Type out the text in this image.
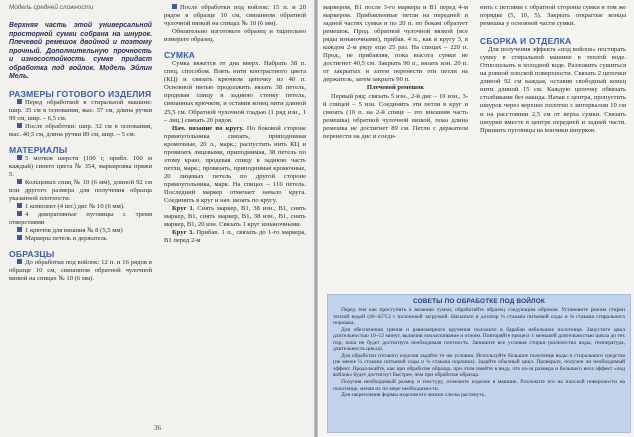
Модель средней сложности
Верхняя часть этой универсальной просторной сумки собрана на шнурок. Плечевой ремешок двойной и поэтому прочный. Дополнительную прочность и износостойкость сумке придаст обработка под войлок. Модель Эйлин Мель.
РАЗМЕРЫ ГОТОВОГО ИЗДЕЛИЯ

Перед обработкой в стиральной машине: шир. 35 см в основании, выс. 37 см, длина ручки 99 см, шир. – 6,5 см.

После обработки: шир. 32 см в основании, выс. 40,5 см, длина ручки 89 см, шир. – 5 см.

МАТЕРИАЛЫ

5 мотков шерсти (100 г, прибл. 100 м каждый) синего цвета № 354, маркировка пряжи 5.

Кольцевых спиц № 10 (6 мм), длиной 92 см или другого размера для получения образца указанной плотности.

1 комплект (4 шт.) дис № 10 (6 мм).

4 декоративные пуговицы с тремя отверстиями

1 крючок для вязания № 8 (5,5 мм)

Маркеры петель и держатель

ОБРАЗЦЫ

До обработки под войлок: 12 п. и 16 рядов в образце 10 см, связанном обратной чулочной вязкой на спицах № 10 (6 мм).

После обработки под войлок: 15 п. и 20 рядов в образце 10 см, связанном обратной чулочной вязкой на спицах № 10 (6 мм).

Обязательно изготовьте образец и тщательно измерьте образец.

СУМКА

Сумка вяжется от дна вверх. Набрать 38 п. спец. способом. Взять нити контрастного цвета (КЦ) и связать крючком цепочку из 40 п. Основной нитью продолжить вязать 38 петель, продевая спицу в заднюю стенку петель, связанных крючком, и оставив конец нити длиной 25,5 см. Обратной чулочной гладью (1 ряд изн., 1 – лиц.) связать 20 рядов.

Нач. вязание по кругу. По боковой стороне прямоугольника связать, приподнимая кромочные, 20 л., марк.; распустить нить КЦ и провязать лицевыми, приподнимая, 38 петель по этому краю, продевая спицу в заднюю часть петли, марк.; провязать, приподнимая кромочные, 20 лицевых петель по другой стороне прямоугольника, марк. На спицах – 116 петель. Последний маркер отмечает начало круга. Соединить в круг и нач. вязать по кругу.

Круг 1. Снять маркер, В1, 38 изн., В1, снять маркер, В1, снять маркер, В1, 38 изн., В1, снять маркер, В1, 20 изн. Связать 1 круг изнаночными.

Круг 3. Прибав. 1 п., связать до 1-го маркера, В1 перед 2-м

36

маркером, В1 после 3-го маркера и В1 перед 4-м маркером. Прибавленные петли на передней и задней частях сумки и по 20 п. по бокам образует ремешок. Прод. обратной чулочной вязкой (все ряды изнаночными), прибав. 4 п., как в кругу 3, в каждом 2-м ряду еще 25 раз. На спицах – 220 п. Прод., не прибавляя, пока высота сумки не достигнет 40,5 см. Закрыть 90 п., вязать изн. 20 п. от закрытых и затем перенести эти петли на держатель, затем закрыть 90 п.

Плечевой ремешок

Первый ряд: связать 5 изн., 2-й дис – 10 изн., 3-й спицей – 5 изн. Соединить эти петли в круг и связать (10 п. на 2-й спице – это внешняя часть ремешка) обратной чулочной вязкой, пока длина ремешка не достигнет 89 см. Петли с держателя перенести на дис и соеди-

нить с петлями с обратной стороны сумки в том же порядке (5, 10, 5). Закрыть открытые концы ремешка у основной части сумки.

СБОРКА И ОТДЕЛКА

Для получения эффекта «под войлок» постирать сумку в стиральной машине в теплой воде. Отполоскать в холодной воде. Разложить сушиться на ровной плоской поверхности. Связать 2 цепочки длиной 92 см каждая, оставив свободный конец нити длиной 15 см. Каждую цепочку обвязать столбиками без накида. Начав с центра, пропустить шнурок через верхнее полотно с интервалом 10 см и на расстоянии 2,5 см от верха сумки. Связать шнурки вместе в центре передней и задней части. Пришить пуговицы на кончики шнурков.

СОВЕТЫ ПО ОБРАБОТКЕ ПОД ВОЙЛОК

Перед тем как приступить к вязанию сумки, обработайте образец следующим образом: Установите режим стирки теплой водой (40–45°С) с полоновой загрузкой. Насыпьте в дозатор ¼ стакана питьевой соды и ⅛ стакана стирального порошка.

Для обеспечения трения и равномерного кручения положите в барабан небольшое полотенце. Запустите цикл длительностью 10–12 минут, включив ополаскивание и отжим. Повторяйте процесс с меньшей длительностью цикла до тех пор, пока не будет достигнута необходимая плотность. Запишите все условия стирки (количество воды, температура, длительность цикла).

Для обработки готового изделия задайте те же условия. Используйте большое полотенце воды и стирального средства (не менее ¼ стакана питьевой соды и ⅛ стакана порошка). Задайте обычный цикл. Проверьте, получен ли необходимый эффект. Продолжайте, как при обработке образца, при этом имейте в виду, что из-за размера и большего веса эффект «под войлок» будет достигнут быстрее, чем при обработке образца.

Получив необходимый размер и текстуру, отожмите изделие в машине. Разложите его на плоской поверхности на полотенце, меняя их по мере необходимости.

Для закрепления формы изделия его можно слегка растянуть.
